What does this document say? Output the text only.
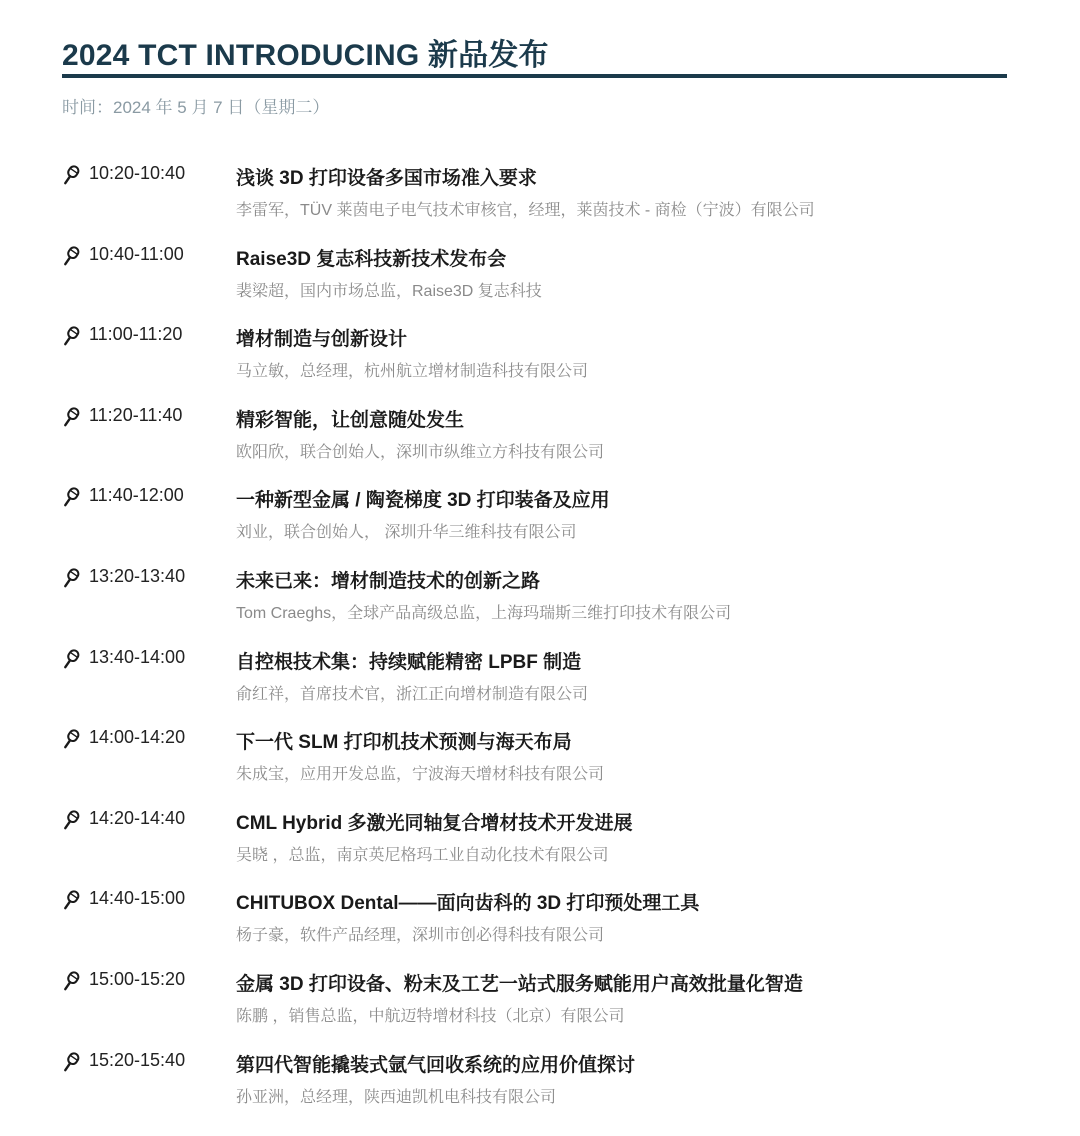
2024 TCT INTRODUCING 新品发布
时间：2024 年 5 月 7 日（星期二）
10:20-10:40	浅谈 3D 打印设备多国市场准入要求
李雷军，TÜV 莱茵电子电气技术审核官，经理，莱茵技术 - 商检（宁波）有限公司
10:40-11:00	Raise3D 复志科技新技术发布会
裴梁超，国内市场总监，Raise3D 复志科技
11:00-11:20	增材制造与创新设计
马立敏，总经理，杭州航立增材制造科技有限公司
11:20-11:40	精彩智能，让创意随处发生
欧阳欣，联合创始人，深圳市纵维立方科技有限公司
11:40-12:00	一种新型金属 / 陶瓷梯度 3D 打印装备及应用
刘业，联合创始人， 深圳升华三维科技有限公司
13:20-13:40	未来已来：增材制造技术的创新之路
Tom Craeghs，全球产品高级总监，上海玛瑞斯三维打印技术有限公司
13:40-14:00	自控根技术集：持续赋能精密 LPBF 制造
俞红祥，首席技术官，浙江正向增材制造有限公司
14:00-14:20	下一代 SLM 打印机技术预测与海天布局
朱成宝，应用开发总监，宁波海天增材科技有限公司
14:20-14:40	CML Hybrid 多激光同轴复合增材技术开发进展
吴晓 ，总监，南京英尼格玛工业自动化技术有限公司
14:40-15:00	CHITUBOX Dental——面向齿科的 3D 打印预处理工具
杨子豪，软件产品经理，深圳市创必得科技有限公司
15:00-15:20	金属 3D 打印设备、粉末及工艺一站式服务赋能用户高效批量化智造
陈鹏 ，销售总监，中航迈特增材科技（北京）有限公司
15:20-15:40	第四代智能撬装式氩气回收系统的应用价值探讨
孙亚洲，总经理，陕西迪凯机电科技有限公司
